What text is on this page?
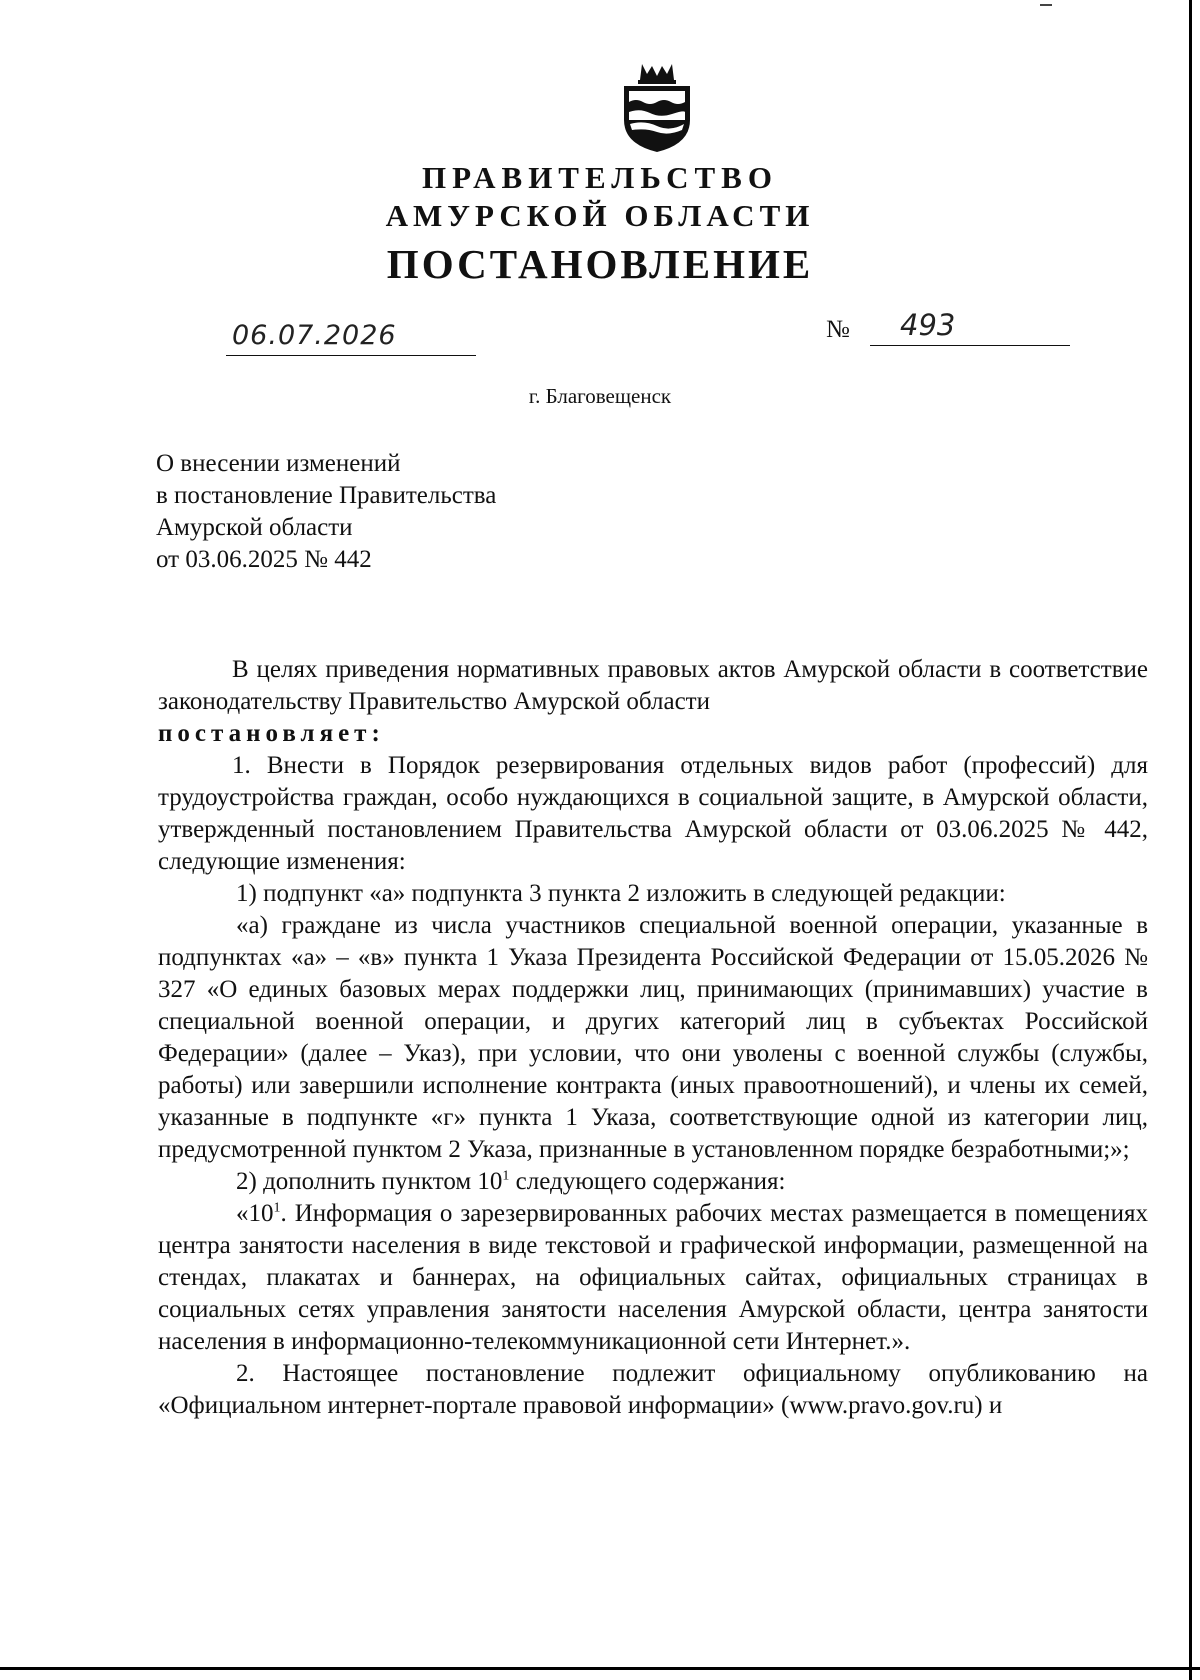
ПРАВИТЕЛЬСТВО
АМУРСКОЙ ОБЛАСТИ
ПОСТАНОВЛЕНИЕ
06.07.2026	№ 493
г. Благовещенск
О внесении изменений
в постановление Правительства
Амурской области
от 03.06.2025 № 442
В целях приведения нормативных правовых актов Амурской области в соответствие законодательству Правительство Амурской области
постановляет:
1. Внести в Порядок резервирования отдельных видов работ (профессий) для трудоустройства граждан, особо нуждающихся в социальной защите, в Амурской области, утвержденный постановлением Правительства Амурской области от 03.06.2025 № 442, следующие изменения:
1) подпункт «а» подпункта 3 пункта 2 изложить в следующей редакции:
«а) граждане из числа участников специальной военной операции, указанные в подпунктах «а» – «в» пункта 1 Указа Президента Российской Федерации от 15.05.2026 № 327 «О единых базовых мерах поддержки лиц, принимающих (принимавших) участие в специальной военной операции, и других категорий лиц в субъектах Российской Федерации» (далее – Указ), при условии, что они уволены с военной службы (службы, работы) или завершили исполнение контракта (иных правоотношений), и члены их семей, указанные в подпункте «г» пункта 1 Указа, соответствующие одной из категории лиц, предусмотренной пунктом 2 Указа, признанные в установленном порядке безработными;»;
2) дополнить пунктом $10^1$ следующего содержания:
«$10^1$. Информация о зарезервированных рабочих местах размещается в помещениях центра занятости населения в виде текстовой и графической информации, размещенной на стендах, плакатах и баннерах, на официальных сайтах, официальных страницах в социальных сетях управления занятости населения Амурской области, центра занятости населения в информационно-телекоммуникационной сети Интернет.».
2. Настоящее постановление подлежит официальному опубликованию на «Официальном интернет-портале правовой информации» (www.pravo.gov.ru) и
